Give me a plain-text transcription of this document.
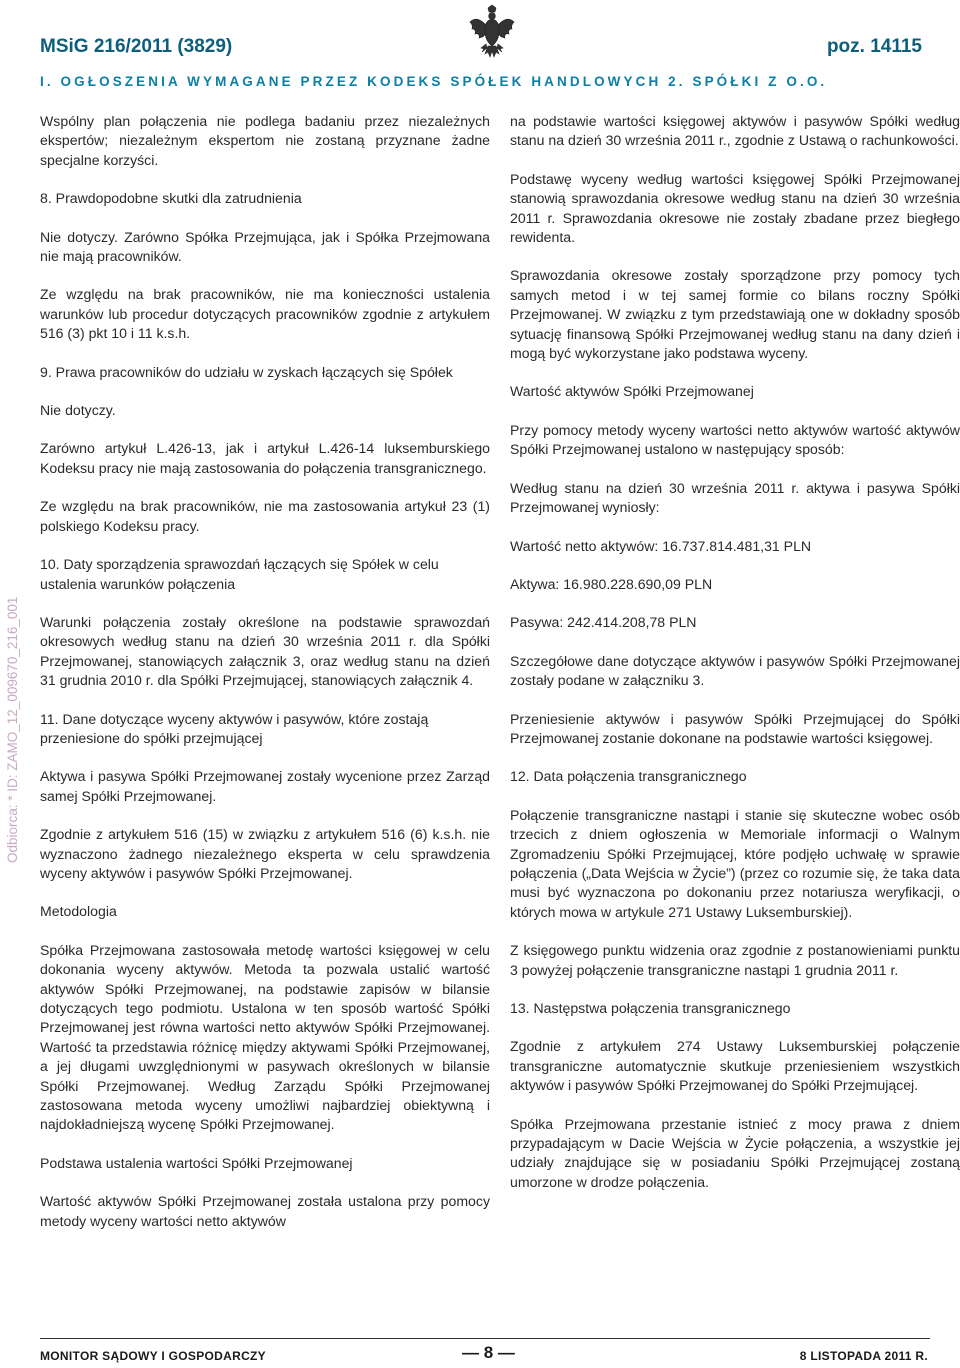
MSiG 216/2011 (3829)	poz. 14115
I. OGŁOSZENIA WYMAGANE PRZEZ KODEKS SPÓŁEK HANDLOWYCH 2. SPÓŁKI Z O.O.
Odbiorca: * ID: ZAMO_12_009670_216_001

Wspólny plan połączenia nie podlega badaniu przez niezależnych ekspertów; niezależnym ekspertom nie zostaną przyznane żadne specjalne korzyści.

8. Prawdopodobne skutki dla zatrudnienia

Nie dotyczy. Zarówno Spółka Przejmująca, jak i Spółka Przejmowana nie mają pracowników.

Ze względu na brak pracowników, nie ma konieczności ustalenia warunków lub procedur dotyczących pracowników zgodnie z artykułem 516 (3) pkt 10 i 11 k.s.h.

9. Prawa pracowników do udziału w zyskach łączących się Spółek

Nie dotyczy.

Zarówno artykuł L.426-13, jak i artykuł L.426-14 luksemburskiego Kodeksu pracy nie mają zastosowania do połączenia transgranicznego.

Ze względu na brak pracowników, nie ma zastosowania artykuł 23 (1) polskiego Kodeksu pracy.

10. Daty sporządzenia sprawozdań łączących się Spółek w celu ustalenia warunków połączenia

Warunki połączenia zostały określone na podstawie sprawozdań okresowych według stanu na dzień 30 września 2011 r. dla Spółki Przejmowanej, stanowiących załącznik 3, oraz według stanu na dzień 31 grudnia 2010 r. dla Spółki Przejmującej, stanowiących załącznik 4.

11. Dane dotyczące wyceny aktywów i pasywów, które zostają przeniesione do spółki przejmującej

Aktywa i pasywa Spółki Przejmowanej zostały wycenione przez Zarząd samej Spółki Przejmowanej.

Zgodnie z artykułem 516 (15) w związku z artykułem 516 (6) k.s.h. nie wyznaczono żadnego niezależnego eksperta w celu sprawdzenia wyceny aktywów i pasywów Spółki Przejmowanej.

Metodologia

Spółka Przejmowana zastosowała metodę wartości księgowej w celu dokonania wyceny aktywów. Metoda ta pozwala ustalić wartość aktywów Spółki Przejmowanej, na podstawie zapisów w bilansie dotyczących tego podmiotu. Ustalona w ten sposób wartość Spółki Przejmowanej jest równa wartości netto aktywów Spółki Przejmowanej. Wartość ta przedstawia różnicę między aktywami Spółki Przejmowanej, a jej długami uwzględnionymi w pasywach określonych w bilansie Spółki Przejmowanej. Według Zarządu Spółki Przejmowanej zastosowana metoda wyceny umożliwi najbardziej obiektywną i najdokładniejszą wycenę Spółki Przejmowanej.

Podstawa ustalenia wartości Spółki Przejmowanej

Wartość aktywów Spółki Przejmowanej została ustalona przy pomocy metody wyceny wartości netto aktywów

na podstawie wartości księgowej aktywów i pasywów Spółki według stanu na dzień 30 września 2011 r., zgodnie z Ustawą o rachunkowości.

Podstawę wyceny według wartości księgowej Spółki Przejmowanej stanowią sprawozdania okresowe według stanu na dzień 30 września 2011 r. Sprawozdania okresowe nie zostały zbadane przez biegłego rewidenta.

Sprawozdania okresowe zostały sporządzone przy pomocy tych samych metod i w tej samej formie co bilans roczny Spółki Przejmowanej. W związku z tym przedstawiają one w dokładny sposób sytuację finansową Spółki Przejmowanej według stanu na dany dzień i mogą być wykorzystane jako podstawa wyceny.

Wartość aktywów Spółki Przejmowanej

Przy pomocy metody wyceny wartości netto aktywów wartość aktywów Spółki Przejmowanej ustalono w następujący sposób:

Według stanu na dzień 30 września 2011 r. aktywa i pasywa Spółki Przejmowanej wyniosły:

Wartość netto aktywów: 16.737.814.481,31 PLN

Aktywa: 16.980.228.690,09 PLN

Pasywa: 242.414.208,78 PLN

Szczegółowe dane dotyczące aktywów i pasywów Spółki Przejmowanej zostały podane w załączniku 3.

Przeniesienie aktywów i pasywów Spółki Przejmującej do Spółki Przejmowanej zostanie dokonane na podstawie wartości księgowej.

12. Data połączenia transgranicznego

Połączenie transgraniczne nastąpi i stanie się skuteczne wobec osób trzecich z dniem ogłoszenia w Memoriale informacji o Walnym Zgromadzeniu Spółki Przejmującej, które podjęło uchwałę w sprawie połączenia („Data Wejścia w Życie”) (przez co rozumie się, że taka data musi być wyznaczona po dokonaniu przez notariusza weryfikacji, o których mowa w artykule 271 Ustawy Luksemburskiej).

Z księgowego punktu widzenia oraz zgodnie z postanowieniami punktu 3 powyżej połączenie transgraniczne nastąpi 1 grudnia 2011 r.

13. Następstwa połączenia transgranicznego

Zgodnie z artykułem 274 Ustawy Luksemburskiej połączenie transgraniczne automatycznie skutkuje przeniesieniem wszystkich aktywów i pasywów Spółki Przejmowanej do Spółki Przejmującej.

Spółka Przejmowana przestanie istnieć z mocy prawa z dniem przypadającym w Dacie Wejścia w Życie połączenia, a wszystkie jej udziały znajdujące się w posiadaniu Spółki Przejmującej zostaną umorzone w drodze połączenia.

MONITOR SĄDOWY I GOSPODARCZY	— 8 —	8 LISTOPADA 2011 R.
